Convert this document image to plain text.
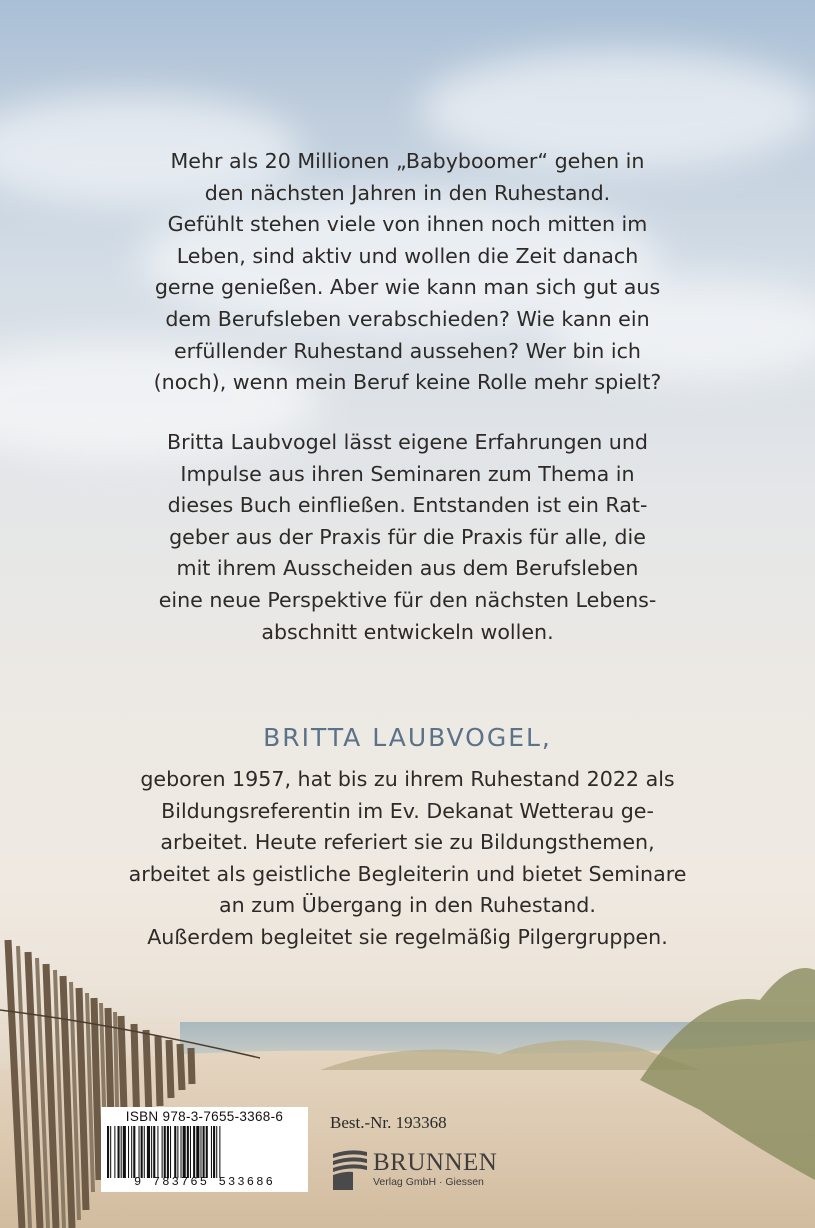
Mehr als 20 Millionen „Babyboomer“ gehen in
den nächsten Jahren in den Ruhestand.
Gefühlt stehen viele von ihnen noch mitten im
Leben, sind aktiv und wollen die Zeit danach
gerne genießen. Aber wie kann man sich gut aus
dem Berufsleben verabschieden? Wie kann ein
erfüllender Ruhestand aussehen? Wer bin ich
(noch), wenn mein Beruf keine Rolle mehr spielt?

Britta Laubvogel lässt eigene Erfahrungen und
Impulse aus ihren Seminaren zum Thema in
dieses Buch einfließen. Entstanden ist ein Rat-
geber aus der Praxis für die Praxis für alle, die
mit ihrem Ausscheiden aus dem Berufsleben
eine neue Perspektive für den nächsten Lebens-
abschnitt entwickeln wollen.

BRITTA LAUBVOGEL,

geboren 1957, hat bis zu ihrem Ruhestand 2022 als
Bildungsreferentin im Ev. Dekanat Wetterau ge-
arbeitet. Heute referiert sie zu Bildungsthemen,
arbeitet als geistliche Begleiterin und bietet Seminare
an zum Übergang in den Ruhestand.
Außerdem begleitet sie regelmäßig Pilgergruppen.

ISBN 978-3-7655-3368-6
9 783765 533686
Best.-Nr. 193368
BRUNNEN
Verlag GmbH · Giessen
